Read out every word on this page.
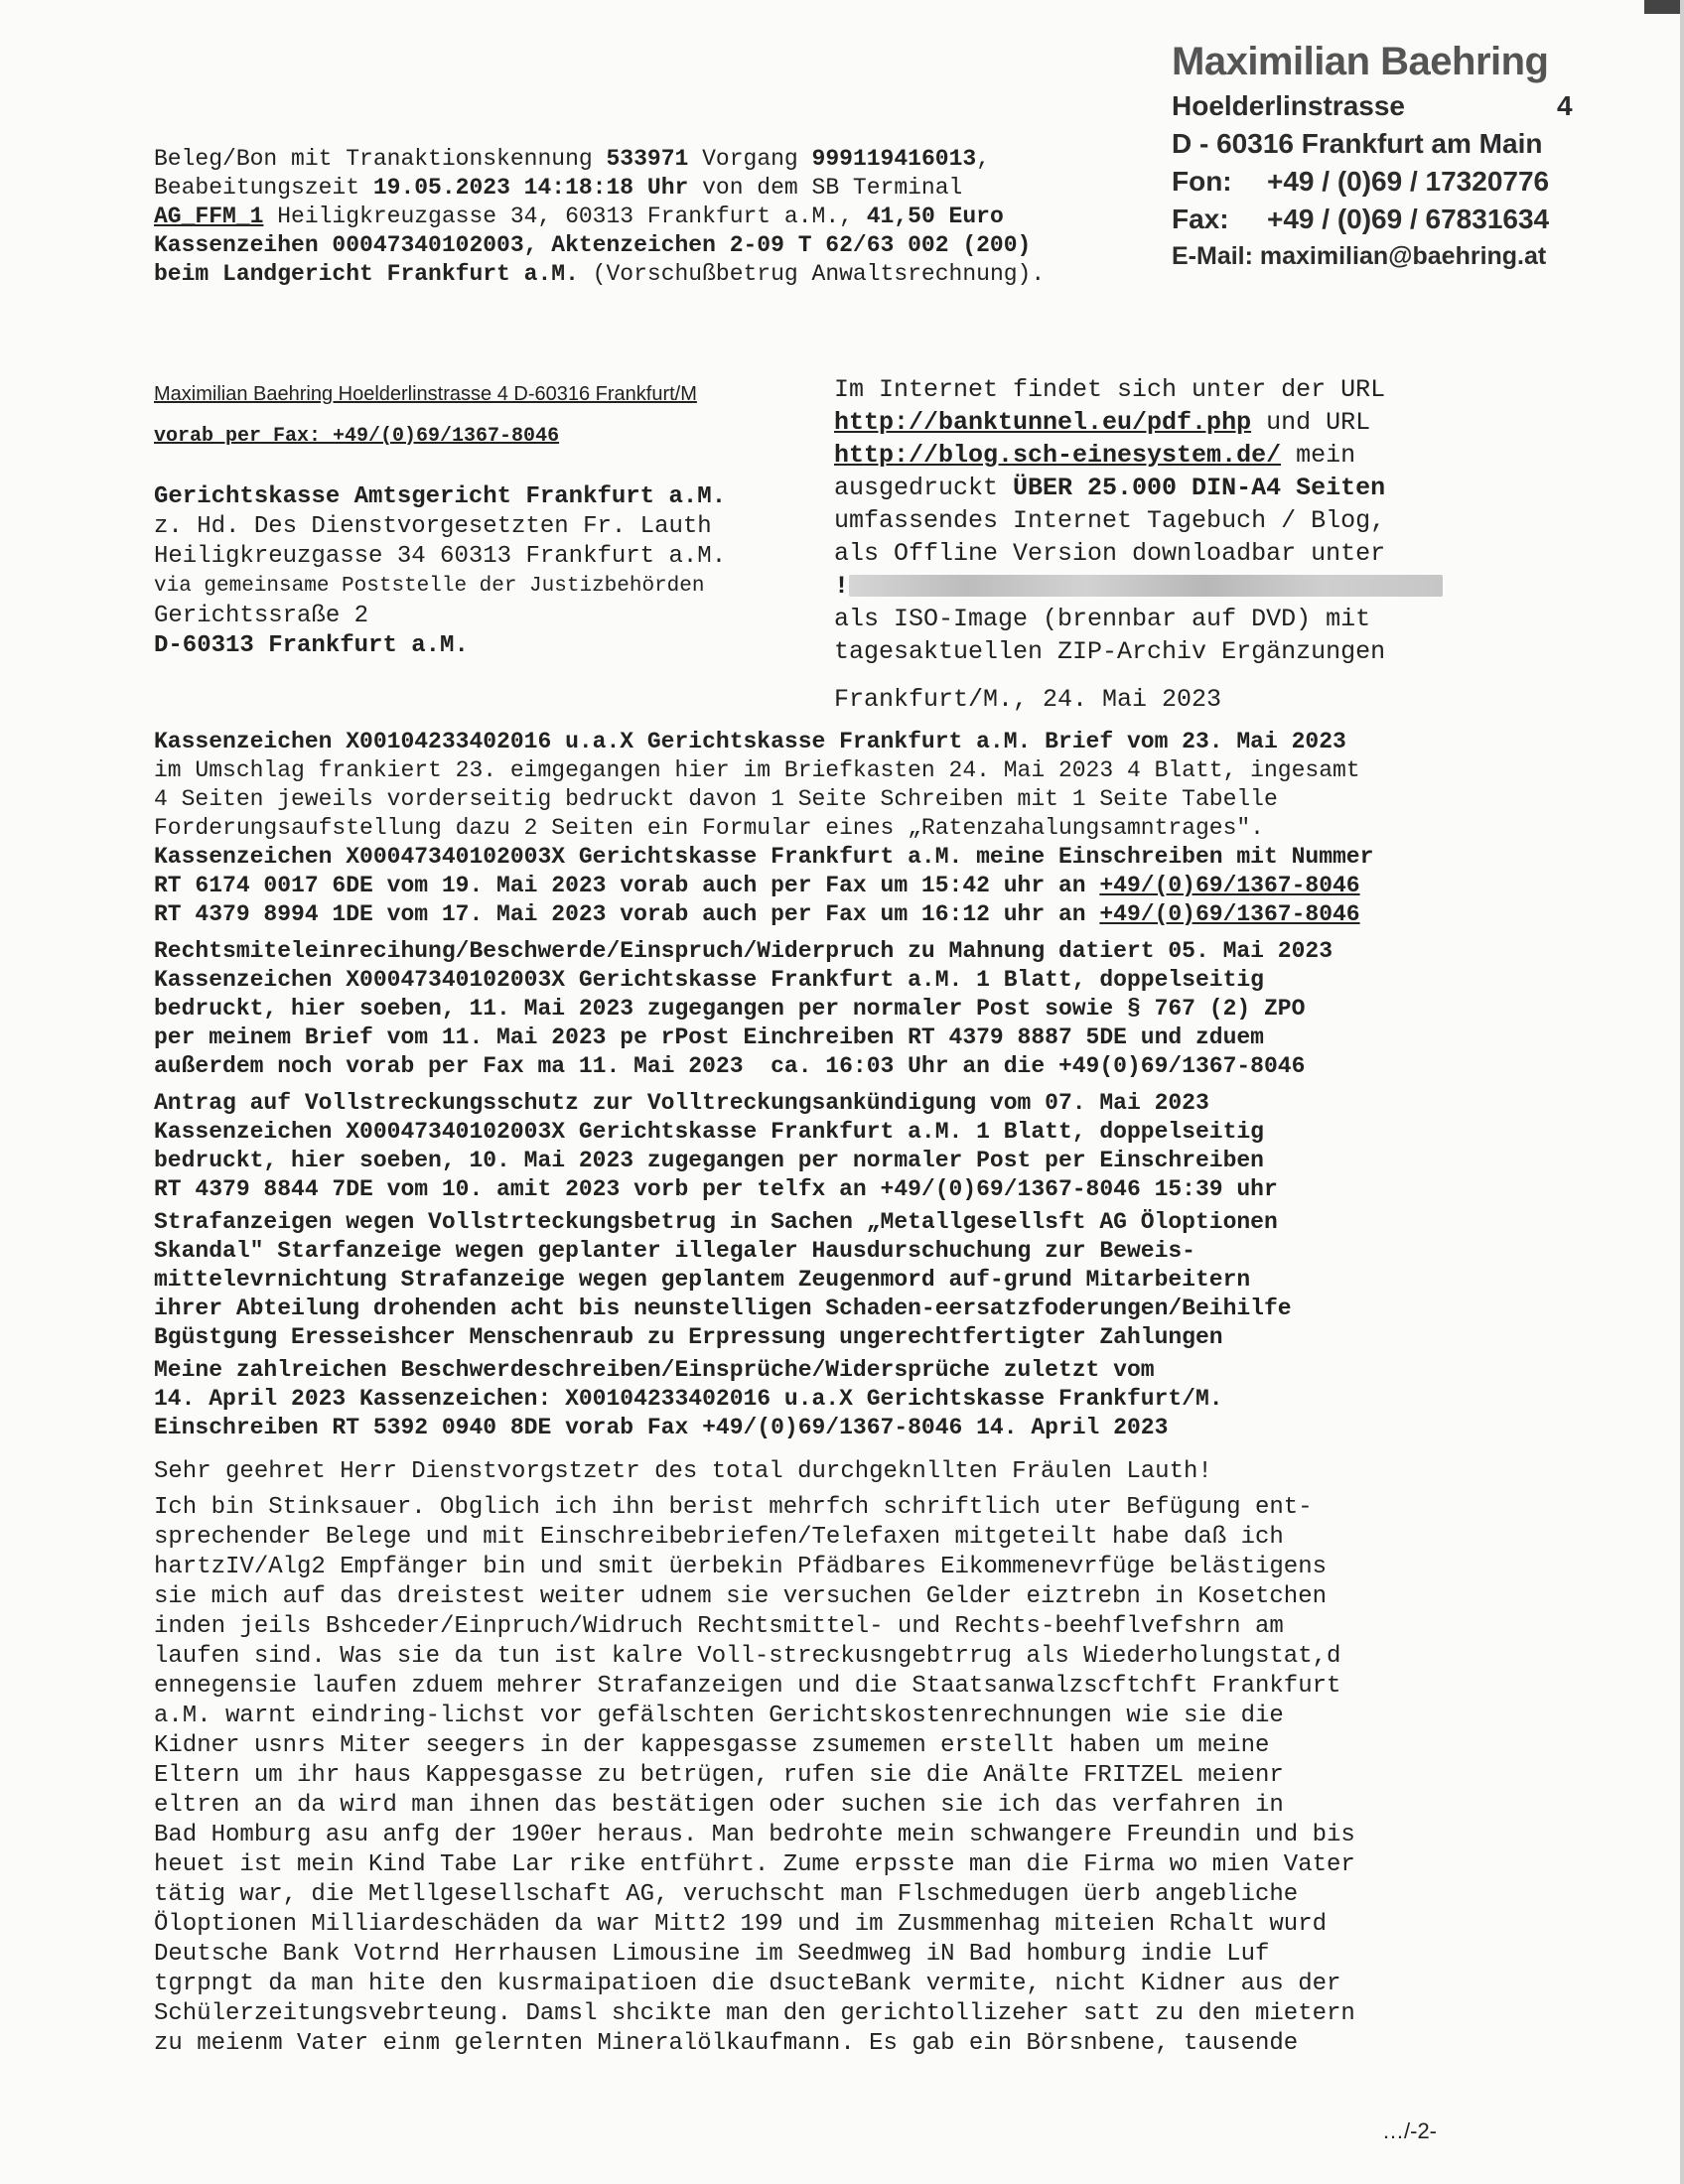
Maximilian Baehring
Hoelderlinstrasse	4
D - 60316 Frankfurt am Main
Fon:	+49 / (0)69 / 17320776
Fax:	+49 / (0)69 / 67831634
E-Mail: maximilian@baehring.at
Beleg/Bon mit Tranaktionskennung 533971 Vorgang 999119416013,
Beabeitungszeit 19.05.2023 14:18:18 Uhr von dem SB Terminal
AG_FFM_1 Heiligkreuzgasse 34, 60313 Frankfurt a.M., 41,50 Euro
Kassenzeihen 00047340102003, Aktenzeichen 2-09 T 62/63 002 (200)
beim Landgericht Frankfurt a.M. (Vorschußbetrug Anwaltsrechnung).
Maximilian Baehring Hoelderlinstrasse 4 D-60316 Frankfurt/M
vorab per Fax: +49/(0)69/1367-8046
Gerichtskasse Amtsgericht Frankfurt a.M.
z. Hd. Des Dienstvorgesetzten Fr. Lauth
Heiligkreuzgasse 34 60313 Frankfurt a.M.
via gemeinsame Poststelle der Justizbehörden
Gerichtssraße 2
D-60313 Frankfurt a.M.
Im Internet findet sich unter der URL
http://banktunnel.eu/pdf.php und URL
http://blog.sch-einesystem.de/ mein
ausgedruckt ÜBER 25.000 DIN-A4 Seiten
umfassendes Internet Tagebuch / Blog,
als Offline Version downloadbar unter
!
als ISO-Image (brennbar auf DVD) mit
tagesaktuellen ZIP-Archiv Ergänzungen
Frankfurt/M., 24. Mai 2023
Kassenzeichen X00104233402016 u.a.X Gerichtskasse Frankfurt a.M. Brief vom 23. Mai 2023
im Umschlag frankiert 23. eimgegangen hier im Briefkasten 24. Mai 2023 4 Blatt, ingesamt
4 Seiten jeweils vorderseitig bedruckt davon 1 Seite Schreiben mit 1 Seite Tabelle
Forderungsaufstellung dazu 2 Seiten ein Formular eines „Ratenzahalungsamntrages".
Kassenzeichen X00047340102003X Gerichtskasse Frankfurt a.M. meine Einschreiben mit Nummer
RT 6174 0017 6DE vom 19. Mai 2023 vorab auch per Fax um 15:42 uhr an +49/(0)69/1367-8046
RT 4379 8994 1DE vom 17. Mai 2023 vorab auch per Fax um 16:12 uhr an +49/(0)69/1367-8046
Rechtsmiteleinrecihung/Beschwerde/Einspruch/Widerpruch zu Mahnung datiert 05. Mai 2023
Kassenzeichen X00047340102003X Gerichtskasse Frankfurt a.M. 1 Blatt, doppelseitig
bedruckt, hier soeben, 11. Mai 2023 zugegangen per normaler Post sowie § 767 (2) ZPO
per meinem Brief vom 11. Mai 2023 pe rPost Einchreiben RT 4379 8887 5DE und zduem
außerdem noch vorab per Fax ma 11. Mai 2023  ca. 16:03 Uhr an die +49(0)69/1367-8046
Antrag auf Vollstreckungsschutz zur Volltreckungsankündigung vom 07. Mai 2023
Kassenzeichen X00047340102003X Gerichtskasse Frankfurt a.M. 1 Blatt, doppelseitig
bedruckt, hier soeben, 10. Mai 2023 zugegangen per normaler Post per Einschreiben
RT 4379 8844 7DE vom 10. amit 2023 vorb per telfx an +49/(0)69/1367-8046 15:39 uhr
Strafanzeigen wegen Vollstrteckungsbetrug in Sachen „Metallgesellsft AG Öloptionen
Skandal" Starfanzeige wegen geplanter illegaler Hausdurschuchung zur Beweis-
mittelevrnichtung Strafanzeige wegen geplantem Zeugenmord auf-grund Mitarbeitern
ihrer Abteilung drohenden acht bis neunstelligen Schaden-eersatzfoderungen/Beihilfe
Bgüstgung Eresseishcer Menschenraub zu Erpressung ungerechtfertigter Zahlungen
Meine zahlreichen Beschwerdeschreiben/Einsprüche/Widersprüche zuletzt vom
14. April 2023 Kassenzeichen: X00104233402016 u.a.X Gerichtskasse Frankfurt/M.
Einschreiben RT 5392 0940 8DE vorab Fax +49/(0)69/1367-8046 14. April 2023
Sehr geehret Herr Dienstvorgstzetr des total durchgeknllten Fräulen Lauth!
Ich bin Stinksauer. Obglich ich ihn berist mehrfch schriftlich uter Befügung ent-
sprechender Belege und mit Einschreibebriefen/Telefaxen mitgeteilt habe daß ich
hartzIV/Alg2 Empfänger bin und smit üerbekin Pfädbares Eikommenevrfüge belästigens
sie mich auf das dreistest weiter udnem sie versuchen Gelder eiztrebn in Kosetchen
inden jeils Bshceder/Einpruch/Widruch Rechtsmittel- und Rechts-beehflvefshrn am
laufen sind. Was sie da tun ist kalre Voll-streckusngebtrrug als Wiederholungstat,d
ennegensie laufen zduem mehrer Strafanzeigen und die Staatsanwalzscftchft Frankfurt
a.M. warnt eindring-lichst vor gefälschten Gerichtskostenrechnungen wie sie die
Kidner usnrs Miter seegers in der kappesgasse zsumemen erstellt haben um meine
Eltern um ihr haus Kappesgasse zu betrügen, rufen sie die Anälte FRITZEL meienr
eltren an da wird man ihnen das bestätigen oder suchen sie ich das verfahren in
Bad Homburg asu anfg der 190er heraus. Man bedrohte mein schwangere Freundin und bis
heuet ist mein Kind Tabe Lar rike entführt. Zume erpsste man die Firma wo mien Vater
tätig war, die Metllgesellschaft AG, veruchscht man Flschmedugen üerb angebliche
Öloptionen Milliardeschäden da war Mitt2 199 und im Zusmmenhag miteien Rchalt wurd
Deutsche Bank Votrnd Herrhausen Limousine im Seedmweg iN Bad homburg indie Luf
tgrpngt da man hite den kusrmaipatioen die dsucteBank vermite, nicht Kidner aus der
Schülerzeitungsvebrteung. Damsl shcikte man den gerichtollizeher satt zu den mietern
zu meienm Vater einm gelernten Mineralölkaufmann. Es gab ein Börsnbene, tausende
…/-2-
